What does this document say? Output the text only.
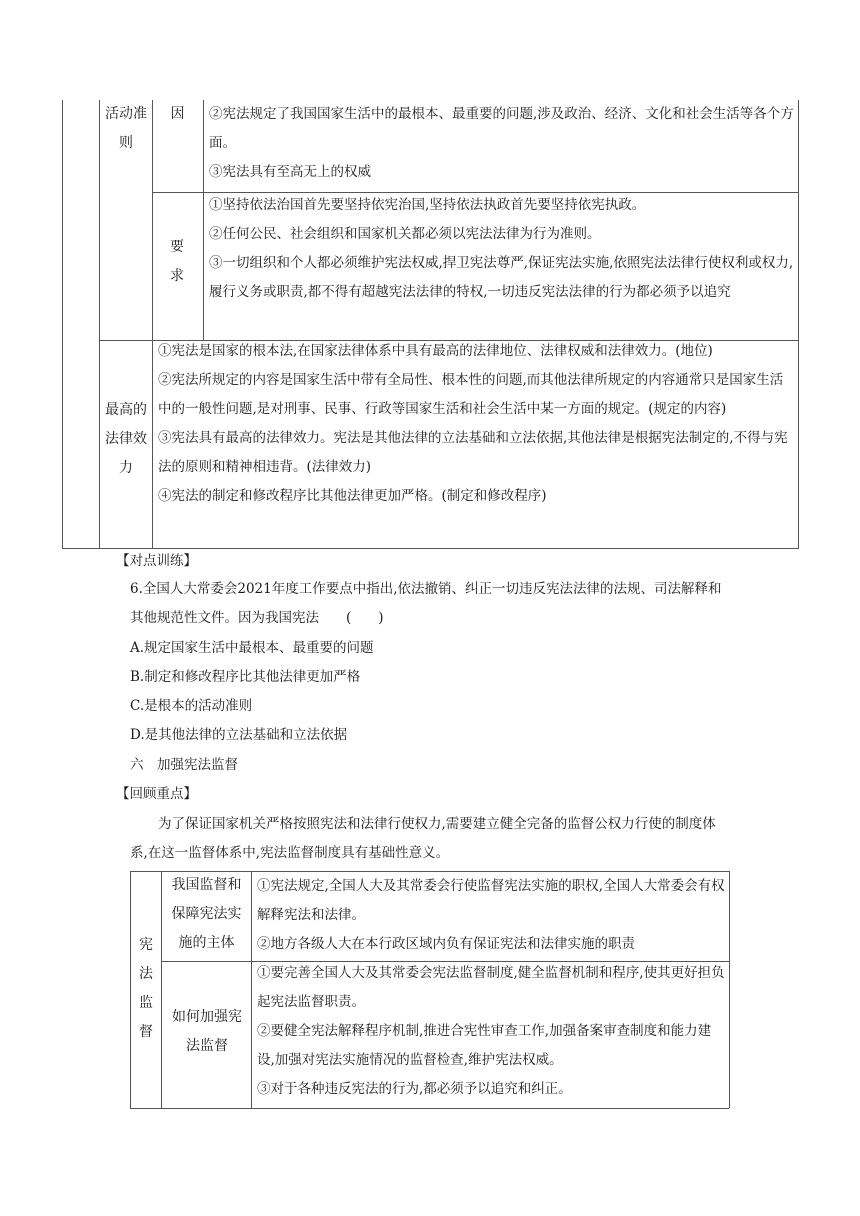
活动准则
因	②宪法规定了我国国家生活中的最根本、最重要的问题,涉及政治、经济、文化和社会生活等各个方面。
③宪法具有至高无上的权威
要求
①坚持依法治国首先要坚持依宪治国,坚持依法执政首先要坚持依宪执政。
②任何公民、社会组织和国家机关都必须以宪法法律为行为准则。
③一切组织和个人都必须维护宪法权威,捍卫宪法尊严,保证宪法实施,依照宪法法律行使权利或权力,履行义务或职责,都不得有超越宪法法律的特权,一切违反宪法法律的行为都必须予以追究
最高的法律效力
①宪法是国家的根本法,在国家法律体系中具有最高的法律地位、法律权威和法律效力。(地位)
②宪法所规定的内容是国家生活中带有全局性、根本性的问题,而其他法律所规定的内容通常只是国家生活中的一般性问题,是对刑事、民事、行政等国家生活和社会生活中某一方面的规定。(规定的内容)
③宪法具有最高的法律效力。宪法是其他法律的立法基础和立法依据,其他法律是根据宪法制定的,不得与宪法的原则和精神相违背。(法律效力)
④宪法的制定和修改程序比其他法律更加严格。(制定和修改程序)
【对点训练】
6.全国人大常委会2021年度工作要点中指出,依法撤销、纠正一切违反宪法法律的法规、司法解释和其他规范性文件。因为我国宪法　　(　　)
A.规定国家生活中最根本、最重要的问题
B.制定和修改程序比其他法律更加严格
C.是根本的活动准则
D.是其他法律的立法基础和立法依据
六　加强宪法监督
【回顾重点】
为了保证国家机关严格按照宪法和法律行使权力,需要建立健全完备的监督公权力行使的制度体系,在这一监督体系中,宪法监督制度具有基础性意义。
宪法监督
我国监督和保障宪法实施的主体
①宪法规定,全国人大及其常委会行使监督宪法实施的职权,全国人大常委会有权解释宪法和法律。
②地方各级人大在本行政区域内负有保证宪法和法律实施的职责
如何加强宪法监督
①要完善全国人大及其常委会宪法监督制度,健全监督机制和程序,使其更好担负起宪法监督职责。
②要健全宪法解释程序机制,推进合宪性审查工作,加强备案审查制度和能力建设,加强对宪法实施情况的监督检查,维护宪法权威。
③对于各种违反宪法的行为,都必须予以追究和纠正。
